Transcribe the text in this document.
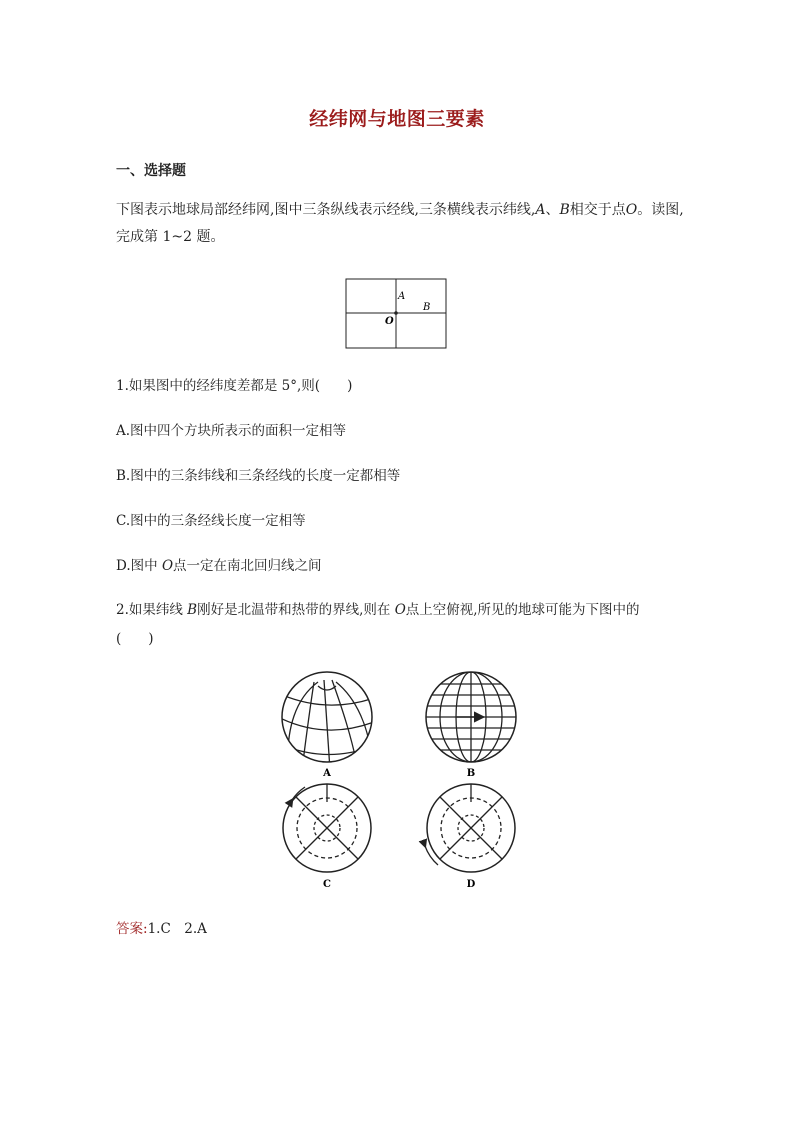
经纬网与地图三要素
一、选择题
下图表示地球局部经纬网,图中三条纵线表示经线,三条横线表示纬线,A、B相交于点O。读图,
完成第 1~2 题。
A
B
O
1.如果图中的经纬度差都是 5°,则(　　)
A.图中四个方块所表示的面积一定相等
B.图中的三条纬线和三条经线的长度一定都相等
C.图中的三条经线长度一定相等
D.图中 O点一定在南北回归线之间
2.如果纬线 B刚好是北温带和热带的界线,则在 O点上空俯视,所见的地球可能为下图中的
(　　)
A	B
C	D
答案:1.C　2.A
